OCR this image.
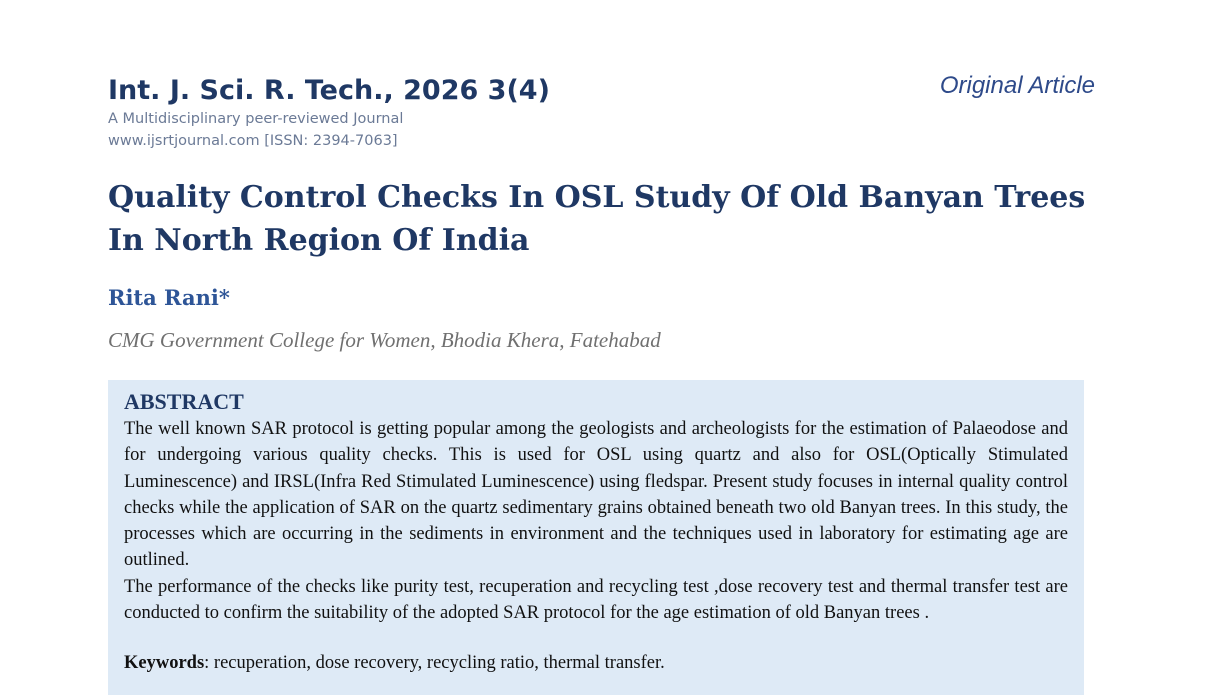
Int. J. Sci. R. Tech., 2026 3(4)
A Multidisciplinary peer-reviewed Journal
www.ijsrtjournal.com [ISSN: 2394-7063]
Original Article
Quality Control Checks In OSL Study Of Old Banyan Trees In North Region Of India
Rita Rani*
CMG Government College for Women, Bhodia Khera, Fatehabad
ABSTRACT

The well known SAR protocol is getting popular among the geologists and archeologists for the estimation of Palaeodose and for undergoing various quality checks. This is used for OSL using quartz and also for OSL(Optically Stimulated Luminescence) and IRSL(Infra Red Stimulated Luminescence) using fledspar. Present study focuses in internal quality control checks while the application of SAR on the quartz sedimentary grains obtained beneath two old Banyan trees. In this study, the processes which are occurring in the sediments in environment and the techniques used in laboratory for estimating age are outlined.

The performance of the checks like purity test, recuperation and recycling test ,dose recovery test and thermal transfer test are conducted to confirm the suitability of the adopted SAR protocol for the age estimation of old Banyan trees .

Keywords: recuperation, dose recovery, recycling ratio, thermal transfer.
